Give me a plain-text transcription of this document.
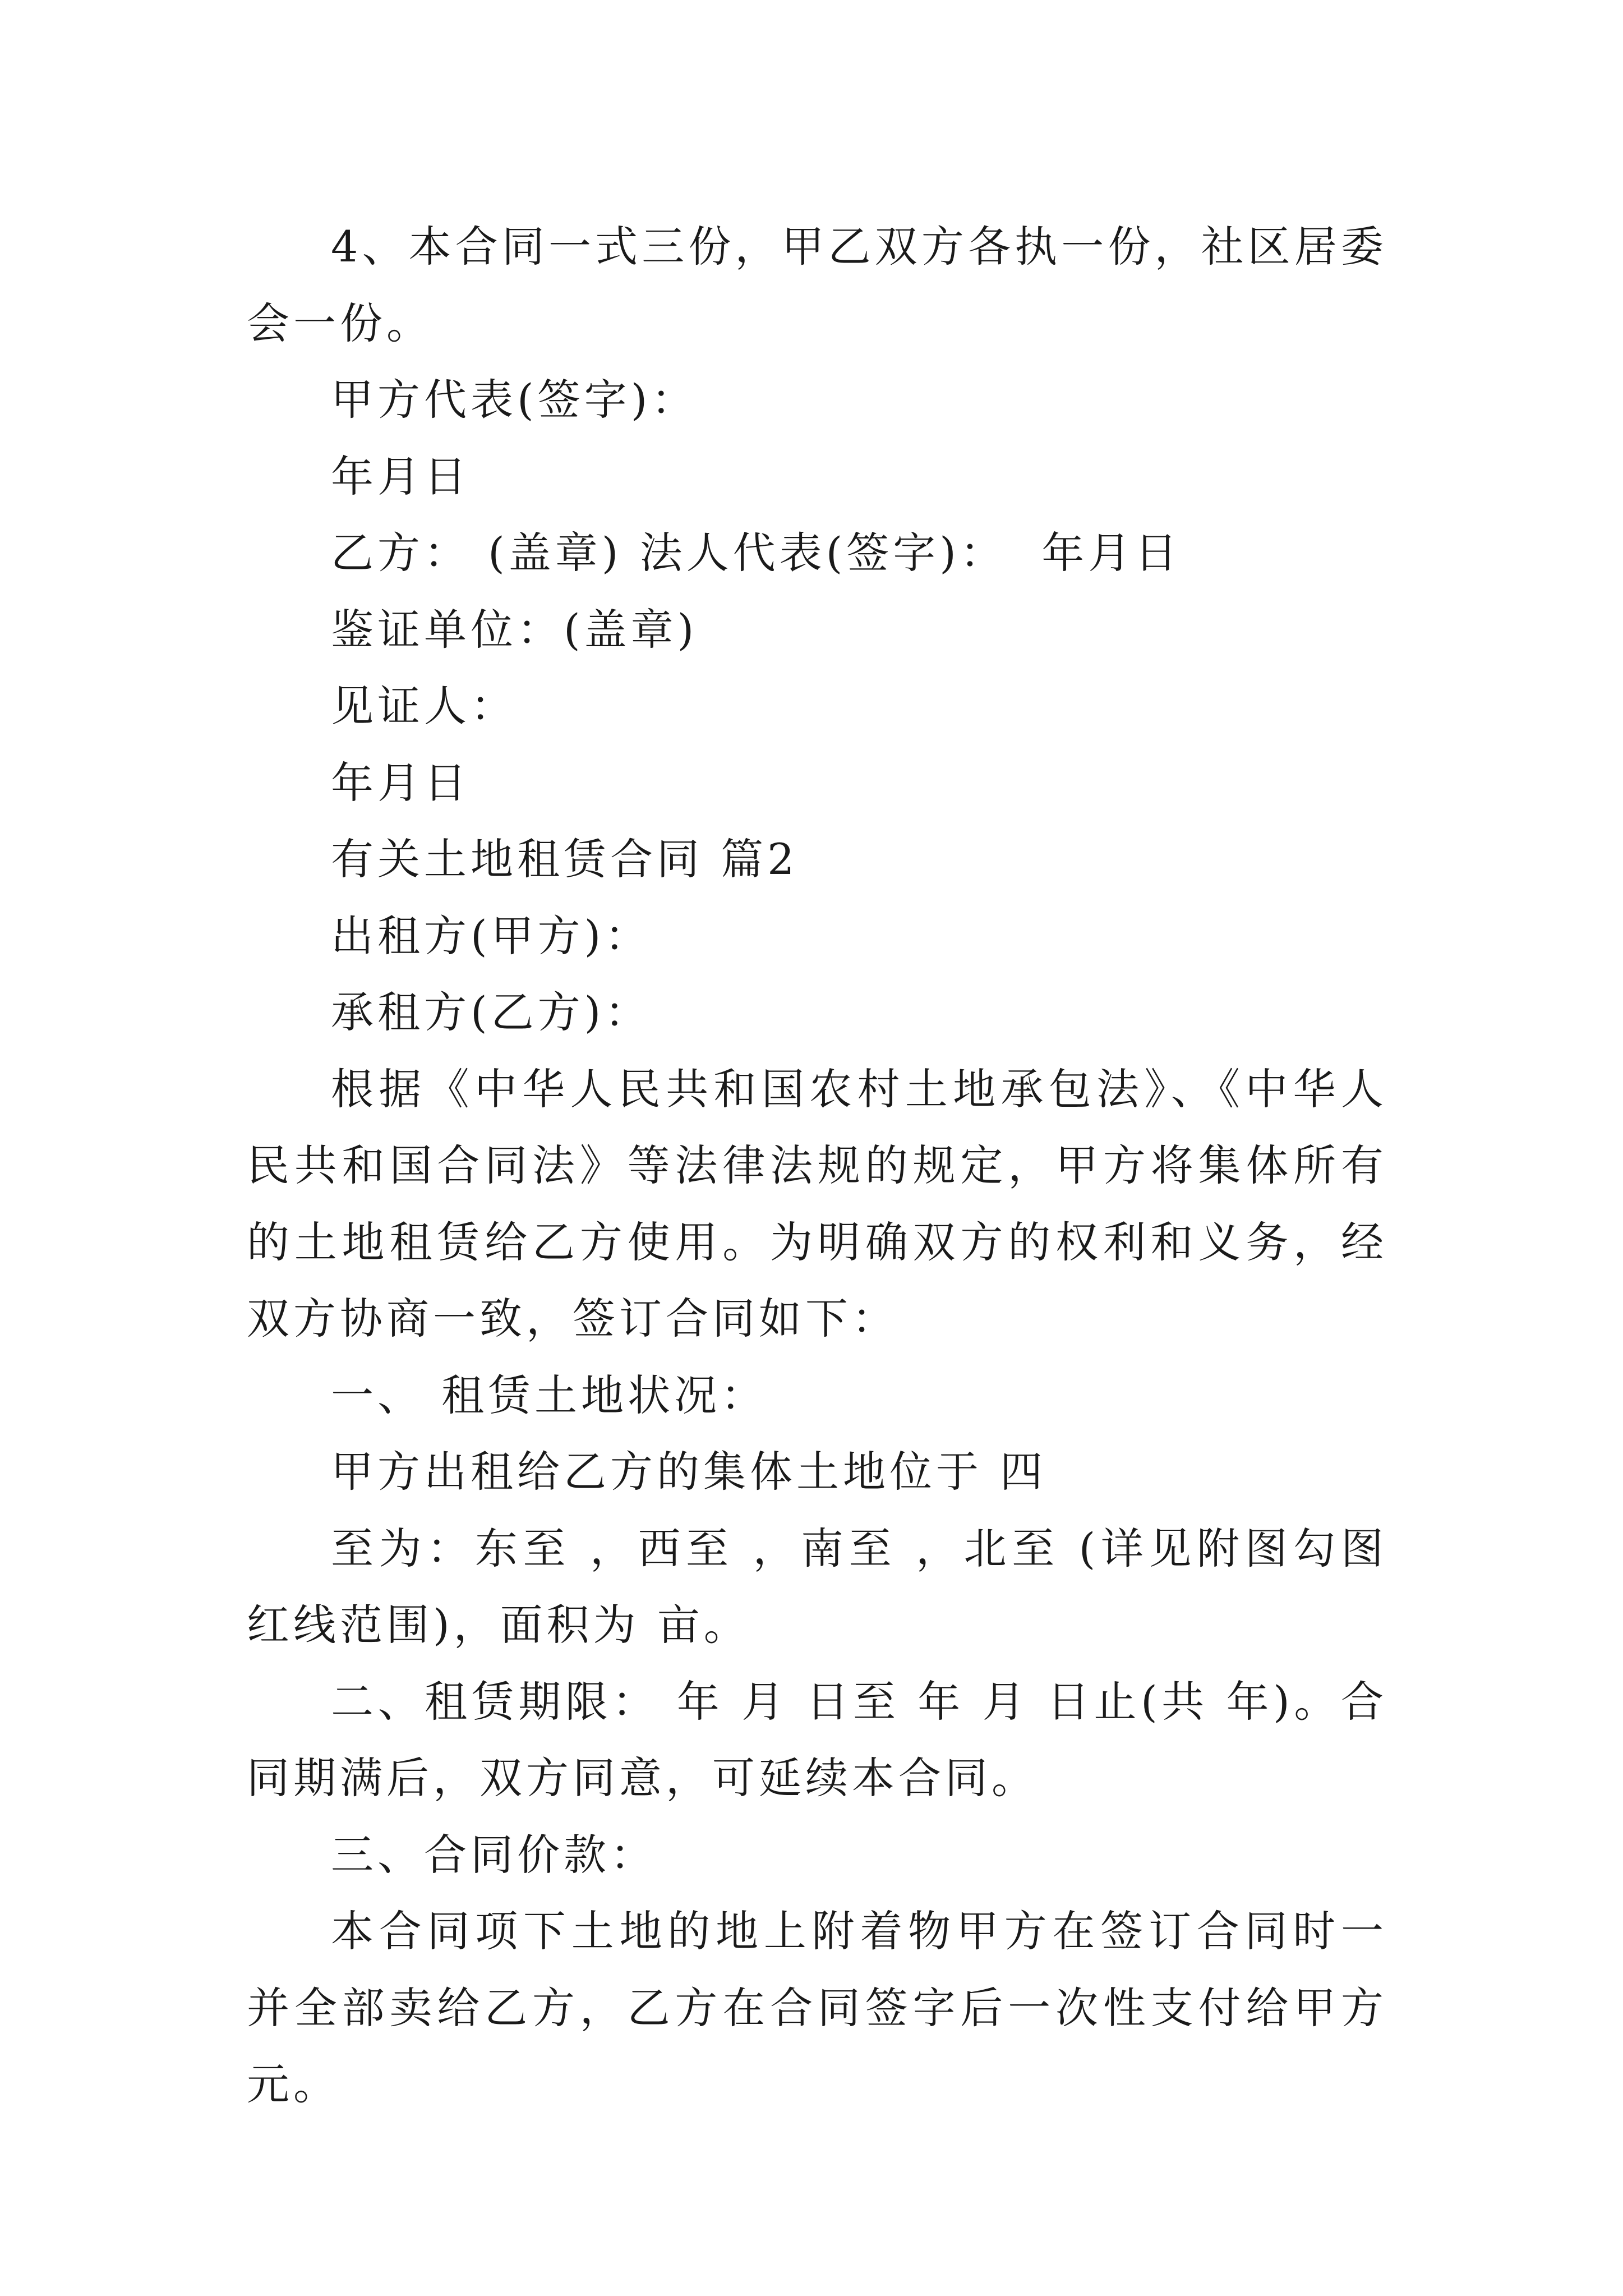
4、本合同一式三份，甲乙双方各执一份，社区居委会一份。

甲方代表(签字)：

年月日

乙方： (盖章) 法人代表(签字)：  年月日

鉴证单位：(盖章)

见证人：

年月日

有关土地租赁合同 篇2

出租方(甲方)：

承租方(乙方)：

根据《中华人民共和国农村土地承包法》、《中华人民共和国合同法》等法律法规的规定，甲方将集体所有的土地租赁给乙方使用。为明确双方的权利和义务，经双方协商一致，签订合同如下：

一、 租赁土地状况：

甲方出租给乙方的集体土地位于 四

至为：东至 ，西至 ，南至 ，北至 (详见附图勾图红线范围)，面积为 亩。

二、租赁期限： 年 月 日至 年 月 日止(共 年)。合同期满后，双方同意，可延续本合同。

三、合同价款：

本合同项下土地的地上附着物甲方在签订合同时一并全部卖给乙方，乙方在合同签字后一次性支付给甲方 元。
